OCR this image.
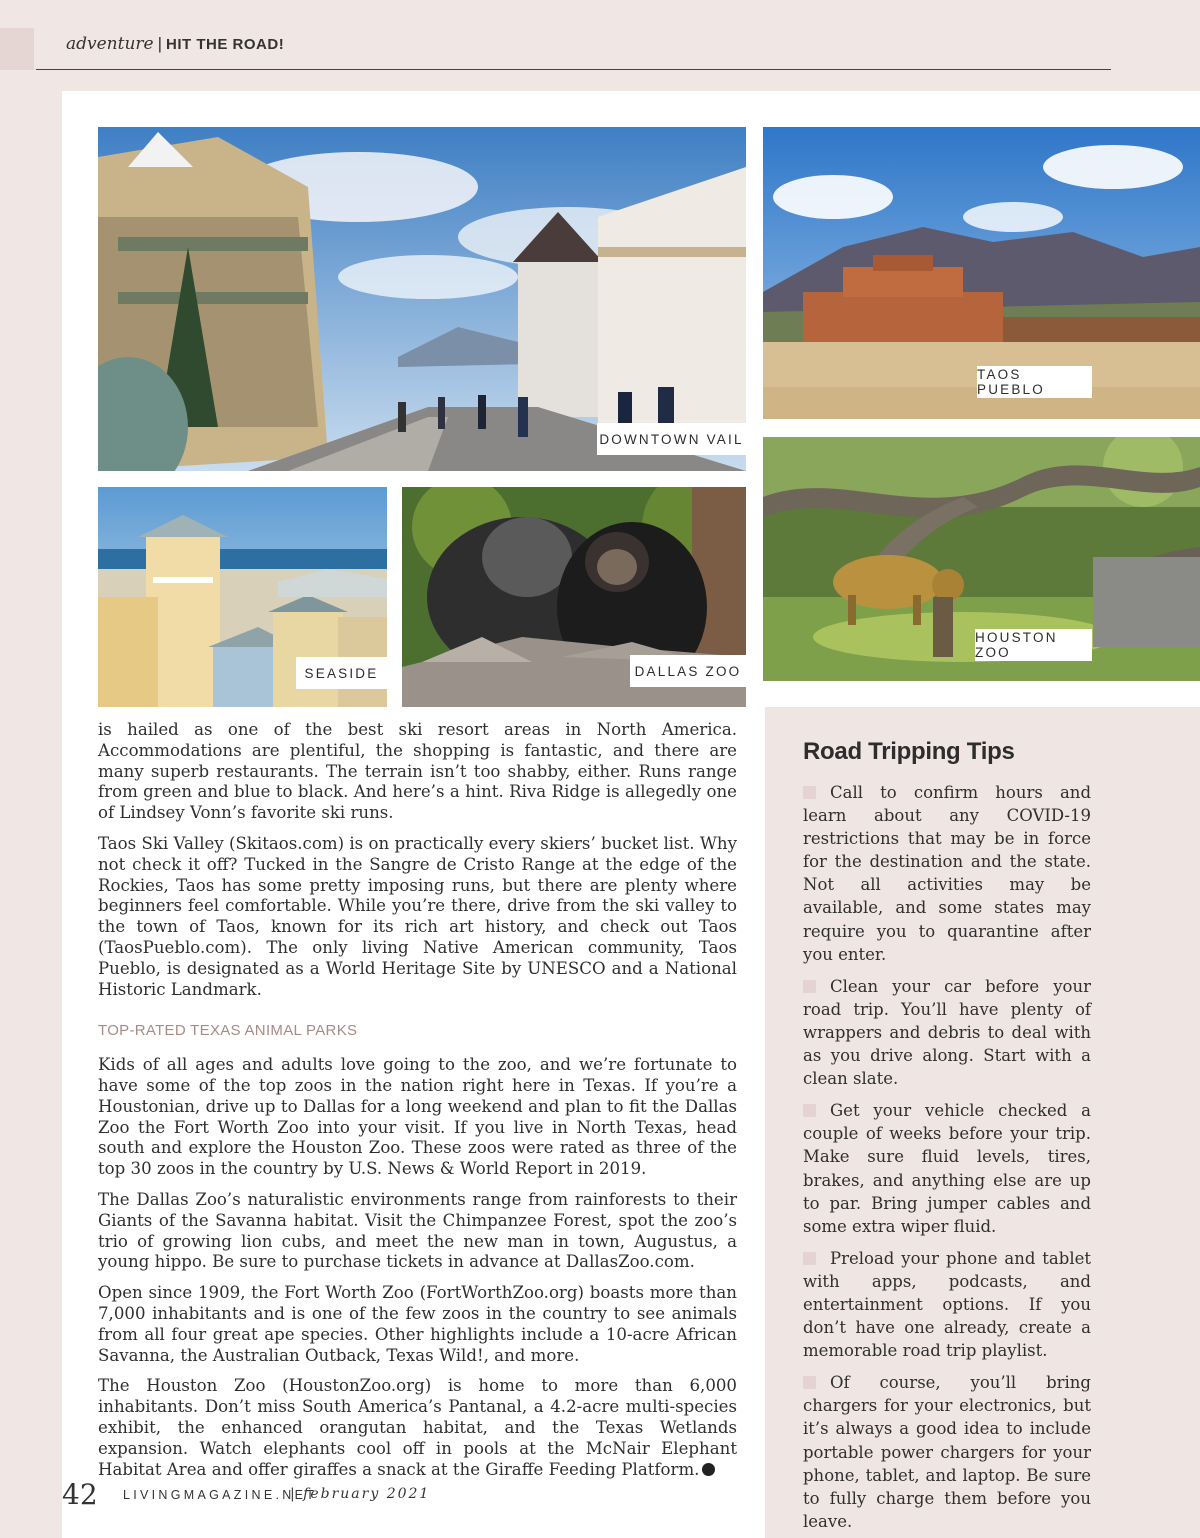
adventure | HIT THE ROAD!
DOWNTOWN VAIL
TAOS PUEBLO
SEASIDE	DALLAS ZOO
HOUSTON ZOO

is hailed as one of the best ski resort areas in North America. Accommodations are plentiful, the shopping is fantastic, and there are many superb restaurants. The terrain isn’t too shabby, either. Runs range from green and blue to black. And here’s a hint. Riva Ridge is allegedly one of Lindsey Vonn’s favorite ski runs.

Taos Ski Valley (Skitaos.com) is on practically every skiers’ bucket list. Why not check it off? Tucked in the Sangre de Cristo Range at the edge of the Rockies, Taos has some pretty imposing runs, but there are plenty where beginners feel comfortable. While you’re there, drive from the ski valley to the town of Taos, known for its rich art history, and check out Taos (TaosPueblo.com). The only living Native American community, Taos Pueblo, is designated as a World Heritage Site by UNESCO and a National Historic Landmark.

TOP-RATED TEXAS ANIMAL PARKS

Kids of all ages and adults love going to the zoo, and we’re fortunate to have some of the top zoos in the nation right here in Texas. If you’re a Houstonian, drive up to Dallas for a long weekend and plan to fit the Dallas Zoo the Fort Worth Zoo into your visit. If you live in North Texas, head south and explore the Houston Zoo. These zoos were rated as three of the top 30 zoos in the country by U.S. News & World Report in 2019.

The Dallas Zoo’s naturalistic environments range from rainforests to their Giants of the Savanna habitat. Visit the Chimpanzee Forest, spot the zoo’s trio of growing lion cubs, and meet the new man in town, Augustus, a young hippo. Be sure to purchase tickets in advance at DallasZoo.com.

Open since 1909, the Fort Worth Zoo (FortWorthZoo.org) boasts more than 7,000 inhabitants and is one of the few zoos in the country to see animals from all four great ape species. Other highlights include a 10-acre African Savanna, the Australian Outback, Texas Wild!, and more.

The Houston Zoo (HoustonZoo.org) is home to more than 6,000 inhabitants. Don’t miss South America’s Pantanal, a 4.2-acre multi-species exhibit, the enhanced orangutan habitat, and the Texas Wetlands expansion. Watch elephants cool off in pools at the McNair Elephant Habitat Area and offer giraffes a snack at the Giraffe Feeding Platform.

Road Tripping Tips
Call to confirm hours and learn about any COVID-19 restrictions that may be in force for the destination and the state. Not all activities may be available, and some states may require you to quarantine after you enter.
Clean your car before your road trip. You’ll have plenty of wrappers and debris to deal with as you drive along. Start with a clean slate.
Get your vehicle checked a couple of weeks before your trip. Make sure fluid levels, tires, brakes, and anything else are up to par. Bring jumper cables and some extra wiper fluid.
Preload your phone and tablet with apps, podcasts, and entertainment options. If you don’t have one already, create a memorable road trip playlist.
Of course, you’ll bring chargers for your electronics, but it’s always a good idea to include portable power chargers for your phone, tablet, and laptop. Be sure to fully charge them before you leave.
42 LIVINGMAGAZINE.NET
| february 2021
